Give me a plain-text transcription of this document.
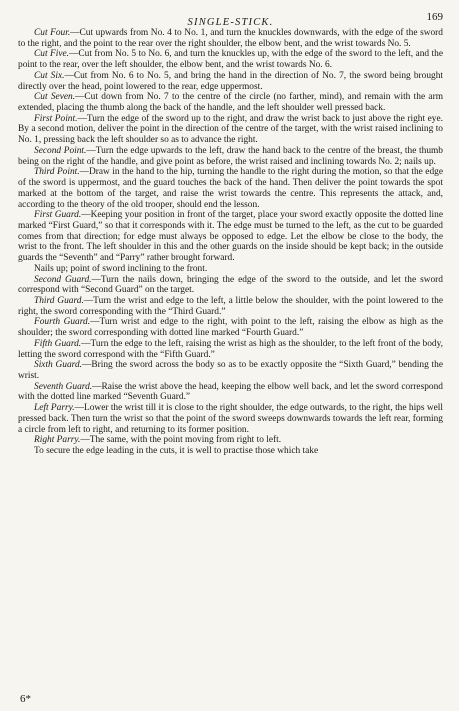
$_{SINGLE-STICK.}$	169

Cut Four.—Cut upwards from No. 4 to No. 1, and turn the knuckles downwards, with the edge of the sword to the right, and the point to the rear over the right shoulder, the elbow bent, and the wrist towards No. 5.

Cut Five.—Cut from No. 5 to No. 6, and turn the knuckles up, with the edge of the sword to the left, and the point to the rear, over the left shoulder, the elbow bent, and the wrist towards No. 6.

Cut Six.—Cut from No. 6 to No. 5, and bring the hand in the direction of No. 7, the sword being brought directly over the head, point lowered to the rear, edge uppermost.

Cut Seven.—Cut down from No. 7 to the centre of the circle (no farther, mind), and remain with the arm extended, placing the thumb along the back of the handle, and the left shoulder well pressed back.

First Point.—Turn the edge of the sword up to the right, and draw the wrist back to just above the right eye. By a second motion, deliver the point in the direction of the centre of the target, with the wrist raised inclining to No. 1, pressing back the left shoulder so as to advance the right.

Second Point.—Turn the edge upwards to the left, draw the hand back to the centre of the breast, the thumb being on the right of the handle, and give point as before, the wrist raised and inclining towards No. 2; nails up.

Third Point.—Draw in the hand to the hip, turning the handle to the right during the motion, so that the edge of the sword is uppermost, and the guard touches the back of the hand. Then deliver the point towards the spot marked at the bottom of the target, and raise the wrist towards the centre. This represents the attack, and, according to the theory of the old trooper, should end the lesson.

First Guard.—Keeping your position in front of the target, place your sword exactly opposite the dotted line marked “First Guard,” so that it corresponds with it. The edge must be turned to the left, as the cut to be guarded comes from that direction; for edge must always be opposed to edge. Let the elbow be close to the body, the wrist to the front. The left shoulder in this and the other guards on the inside should be kept back; in the outside guards the “Seventh” and “Parry” rather brought forward.

Nails up; point of sword inclining to the front.

Second Guard.—Turn the nails down, bringing the edge of the sword to the outside, and let the sword correspond with “Second Guard” on the target.

Third Guard.—Turn the wrist and edge to the left, a little below the shoulder, with the point lowered to the right, the sword corresponding with the “Third Guard.”

Fourth Guard.—Turn wrist and edge to the right, with point to the left, raising the elbow as high as the shoulder; the sword corresponding with dotted line marked “Fourth Guard.”

Fifth Guard.—Turn the edge to the left, raising the wrist as high as the shoulder, to the left front of the body, letting the sword correspond with the “Fifth Guard.”

Sixth Guard.—Bring the sword across the body so as to be exactly opposite the “Sixth Guard,” bending the wrist.

Seventh Guard.—Raise the wrist above the head, keeping the elbow well back, and let the sword correspond with the dotted line marked “Seventh Guard.”

Left Parry.—Lower the wrist till it is close to the right shoulder, the edge outwards, to the right, the hips well pressed back. Then turn the wrist so that the point of the sword sweeps downwards towards the left rear, forming a circle from left to right, and returning to its former position.

Right Parry.—The same, with the point moving from right to left.

To secure the edge leading in the cuts, it is well to practise those which take

6*
